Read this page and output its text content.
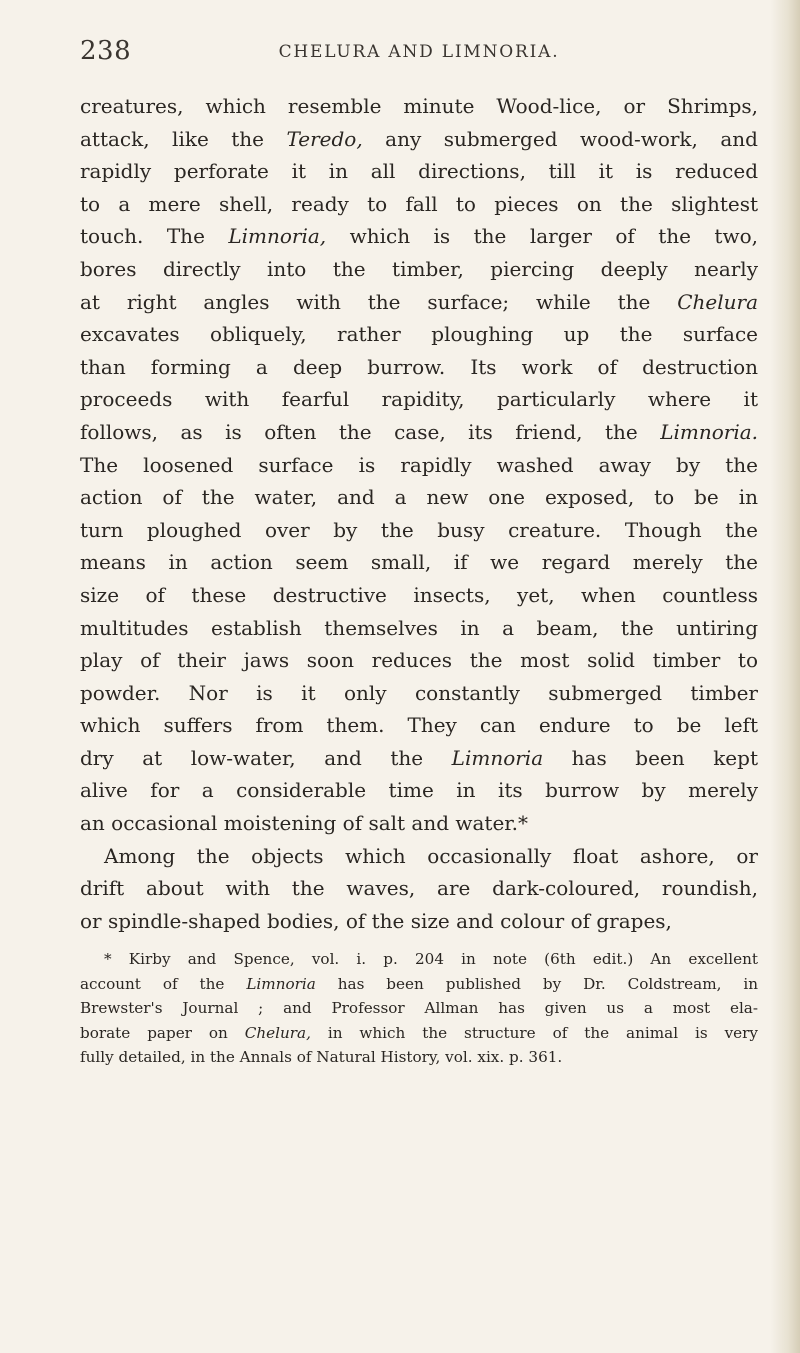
238	CHELURA AND LIMNORIA.
creatures, which resemble minute Wood-lice, or Shrimps,
attack, like the Teredo, any submerged wood-work, and
rapidly perforate it in all directions, till it is reduced
to a mere shell, ready to fall to pieces on the slightest
touch. The Limnoria, which is the larger of the two,
bores directly into the timber, piercing deeply nearly
at right angles with the surface; while the Chelura
excavates obliquely, rather ploughing up the surface
than forming a deep burrow. Its work of destruction
proceeds with fearful rapidity, particularly where it
follows, as is often the case, its friend, the Limnoria.
The loosened surface is rapidly washed away by the
action of the water, and a new one exposed, to be in
turn ploughed over by the busy creature. Though the
means in action seem small, if we regard merely the
size of these destructive insects, yet, when countless
multitudes establish themselves in a beam, the untiring
play of their jaws soon reduces the most solid timber to
powder. Nor is it only constantly submerged timber
which suffers from them. They can endure to be left
dry at low-water, and the Limnoria has been kept
alive for a considerable time in its burrow by merely
an occasional moistening of salt and water.*
Among the objects which occasionally float ashore, or
drift about with the waves, are dark-coloured, roundish,
or spindle-shaped bodies, of the size and colour of grapes,
* Kirby and Spence, vol. i. p. 204 in note (6th edit.) An excellent
account of the Limnoria has been published by Dr. Coldstream, in
Brewster's Journal ; and Professor Allman has given us a most ela-
borate paper on Chelura, in which the structure of the animal is very
fully detailed, in the Annals of Natural History, vol. xix. p. 361.
